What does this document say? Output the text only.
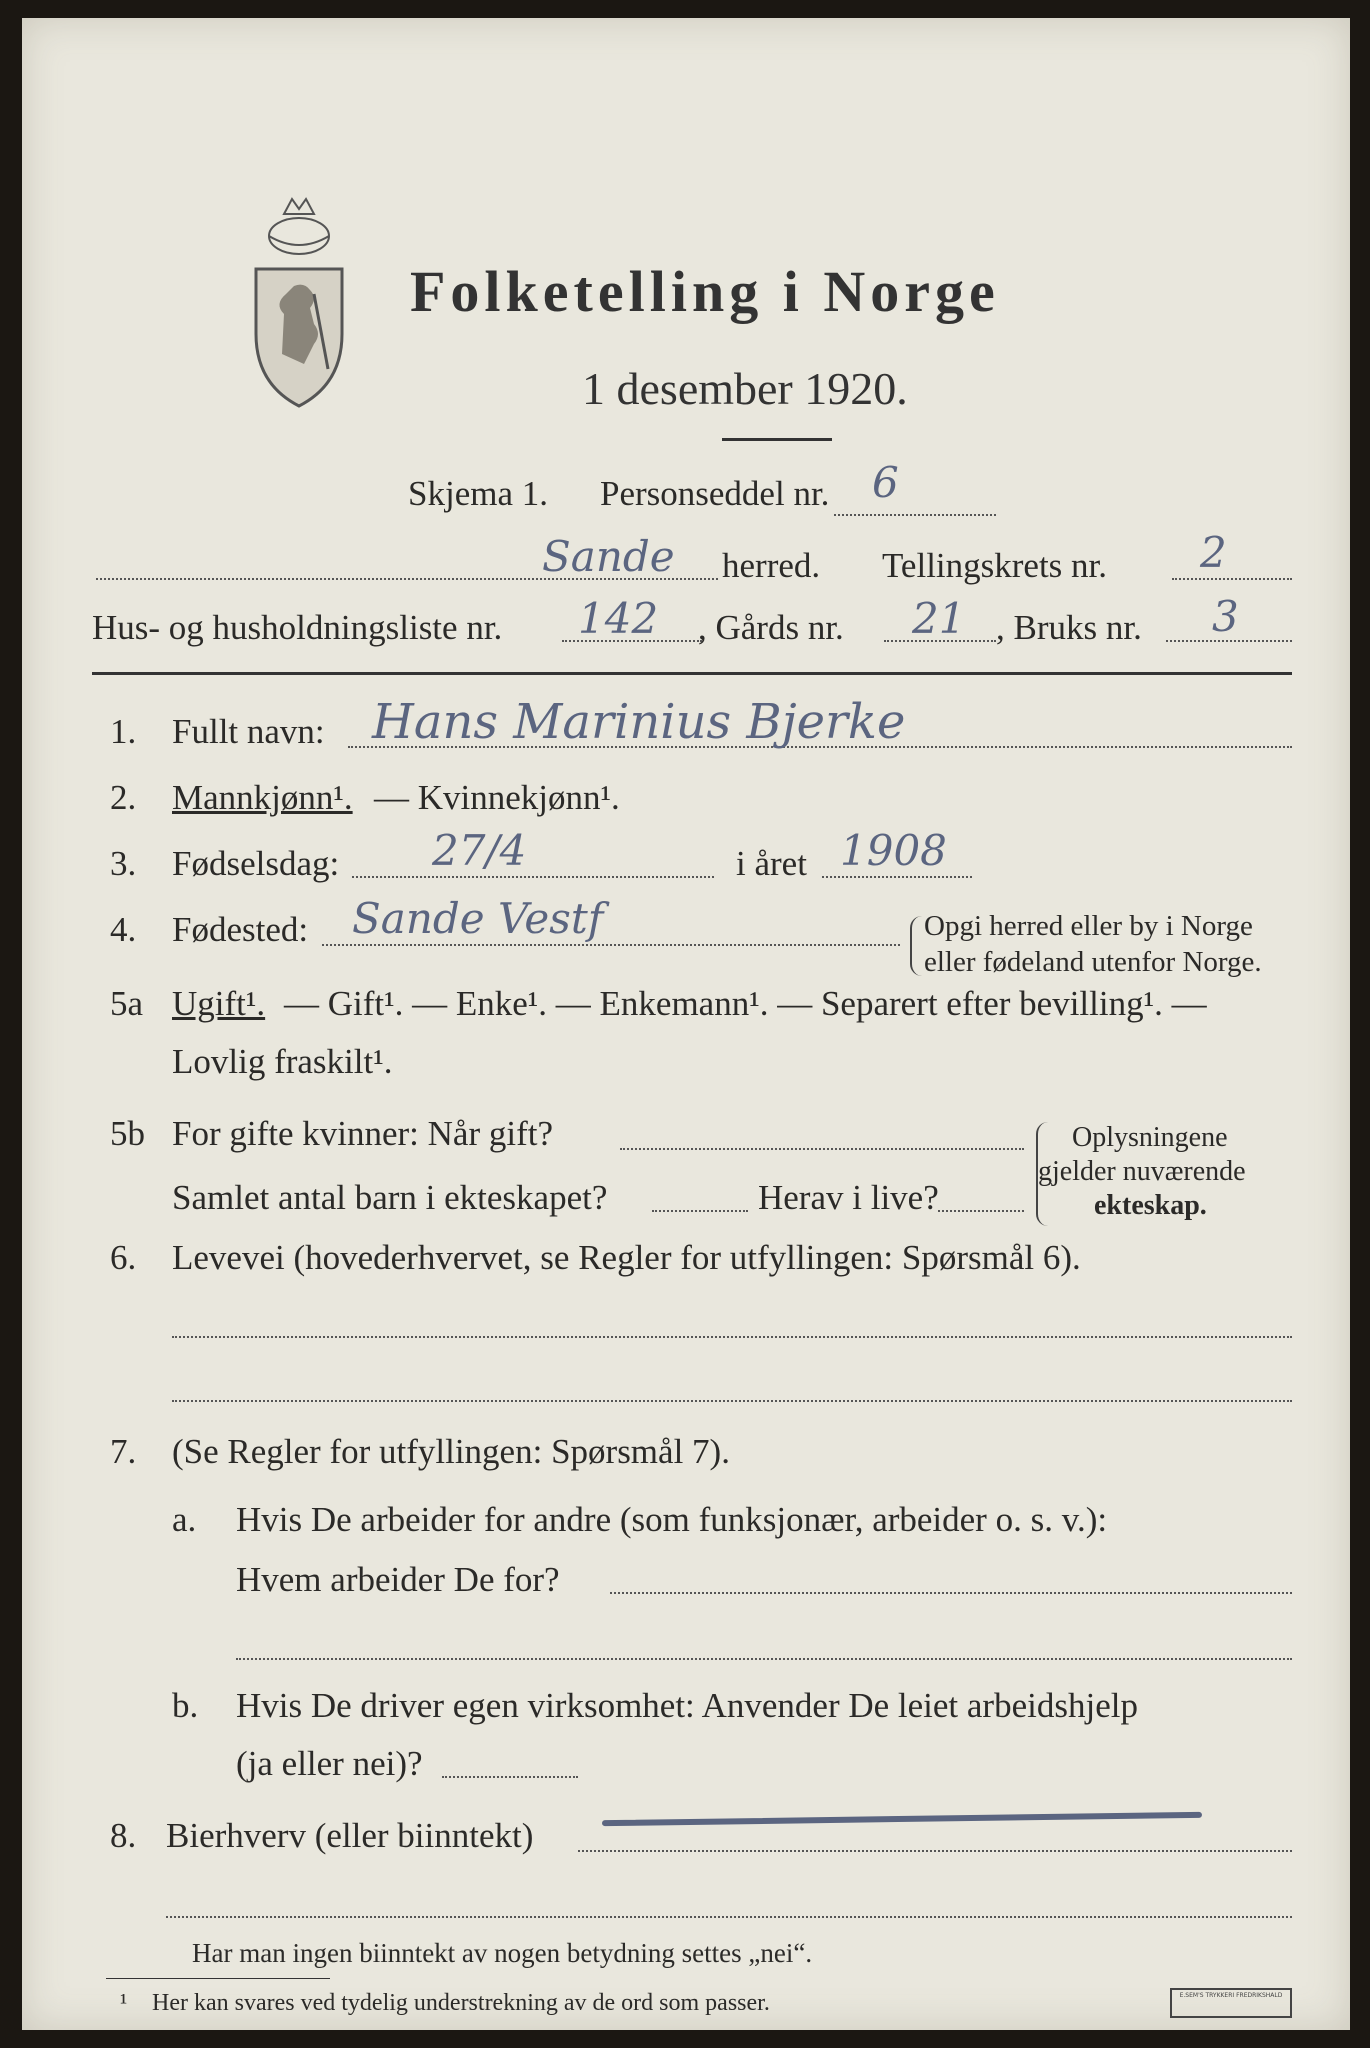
Folketelling i Norge
1 desember 1920.
Skjema 1. Personseddel nr. 6
Sande herred. Tellingskrets nr. 2
Hus- og husholdningsliste nr. 142 , Gårds nr. 21 , Bruks nr. 3
1. Fullt navn: Hans Marinius Bjerke
2. Mannkjønn¹. — Kvinnekjønn¹.
3. Fødselsdag: 27/4	i året 1908
4. Fødested: Sande Vestf	Opgi herred eller by i Norge
eller fødeland utenfor Norge.
5a Ugift¹. — Gift¹. — Enke¹. — Enkemann¹. — Separert efter bevilling¹. —
Lovlig fraskilt¹.
5b For gifte kvinner: Når gift?
Samlet antal barn i ekteskapet?	Herav i live?
Oplysningene
gjelder nuværende
ekteskap.
6. Levevei (hovederhvervet, se Regler for utfyllingen: Spørsmål 6).
7. (Se Regler for utfyllingen: Spørsmål 7).
a. Hvis De arbeider for andre (som funksjonær, arbeider o. s. v.):
Hvem arbeider De for?
b. Hvis De driver egen virksomhet: Anvender De leiet arbeidshjelp
(ja eller nei)?
8. Bierhverv (eller biinntekt)
Har man ingen biinntekt av nogen betydning settes „nei“.
¹ Her kan svares ved tydelig understrekning av de ord som passer.	E.SEM'S TRYKKERI FREDRIKSHALD
